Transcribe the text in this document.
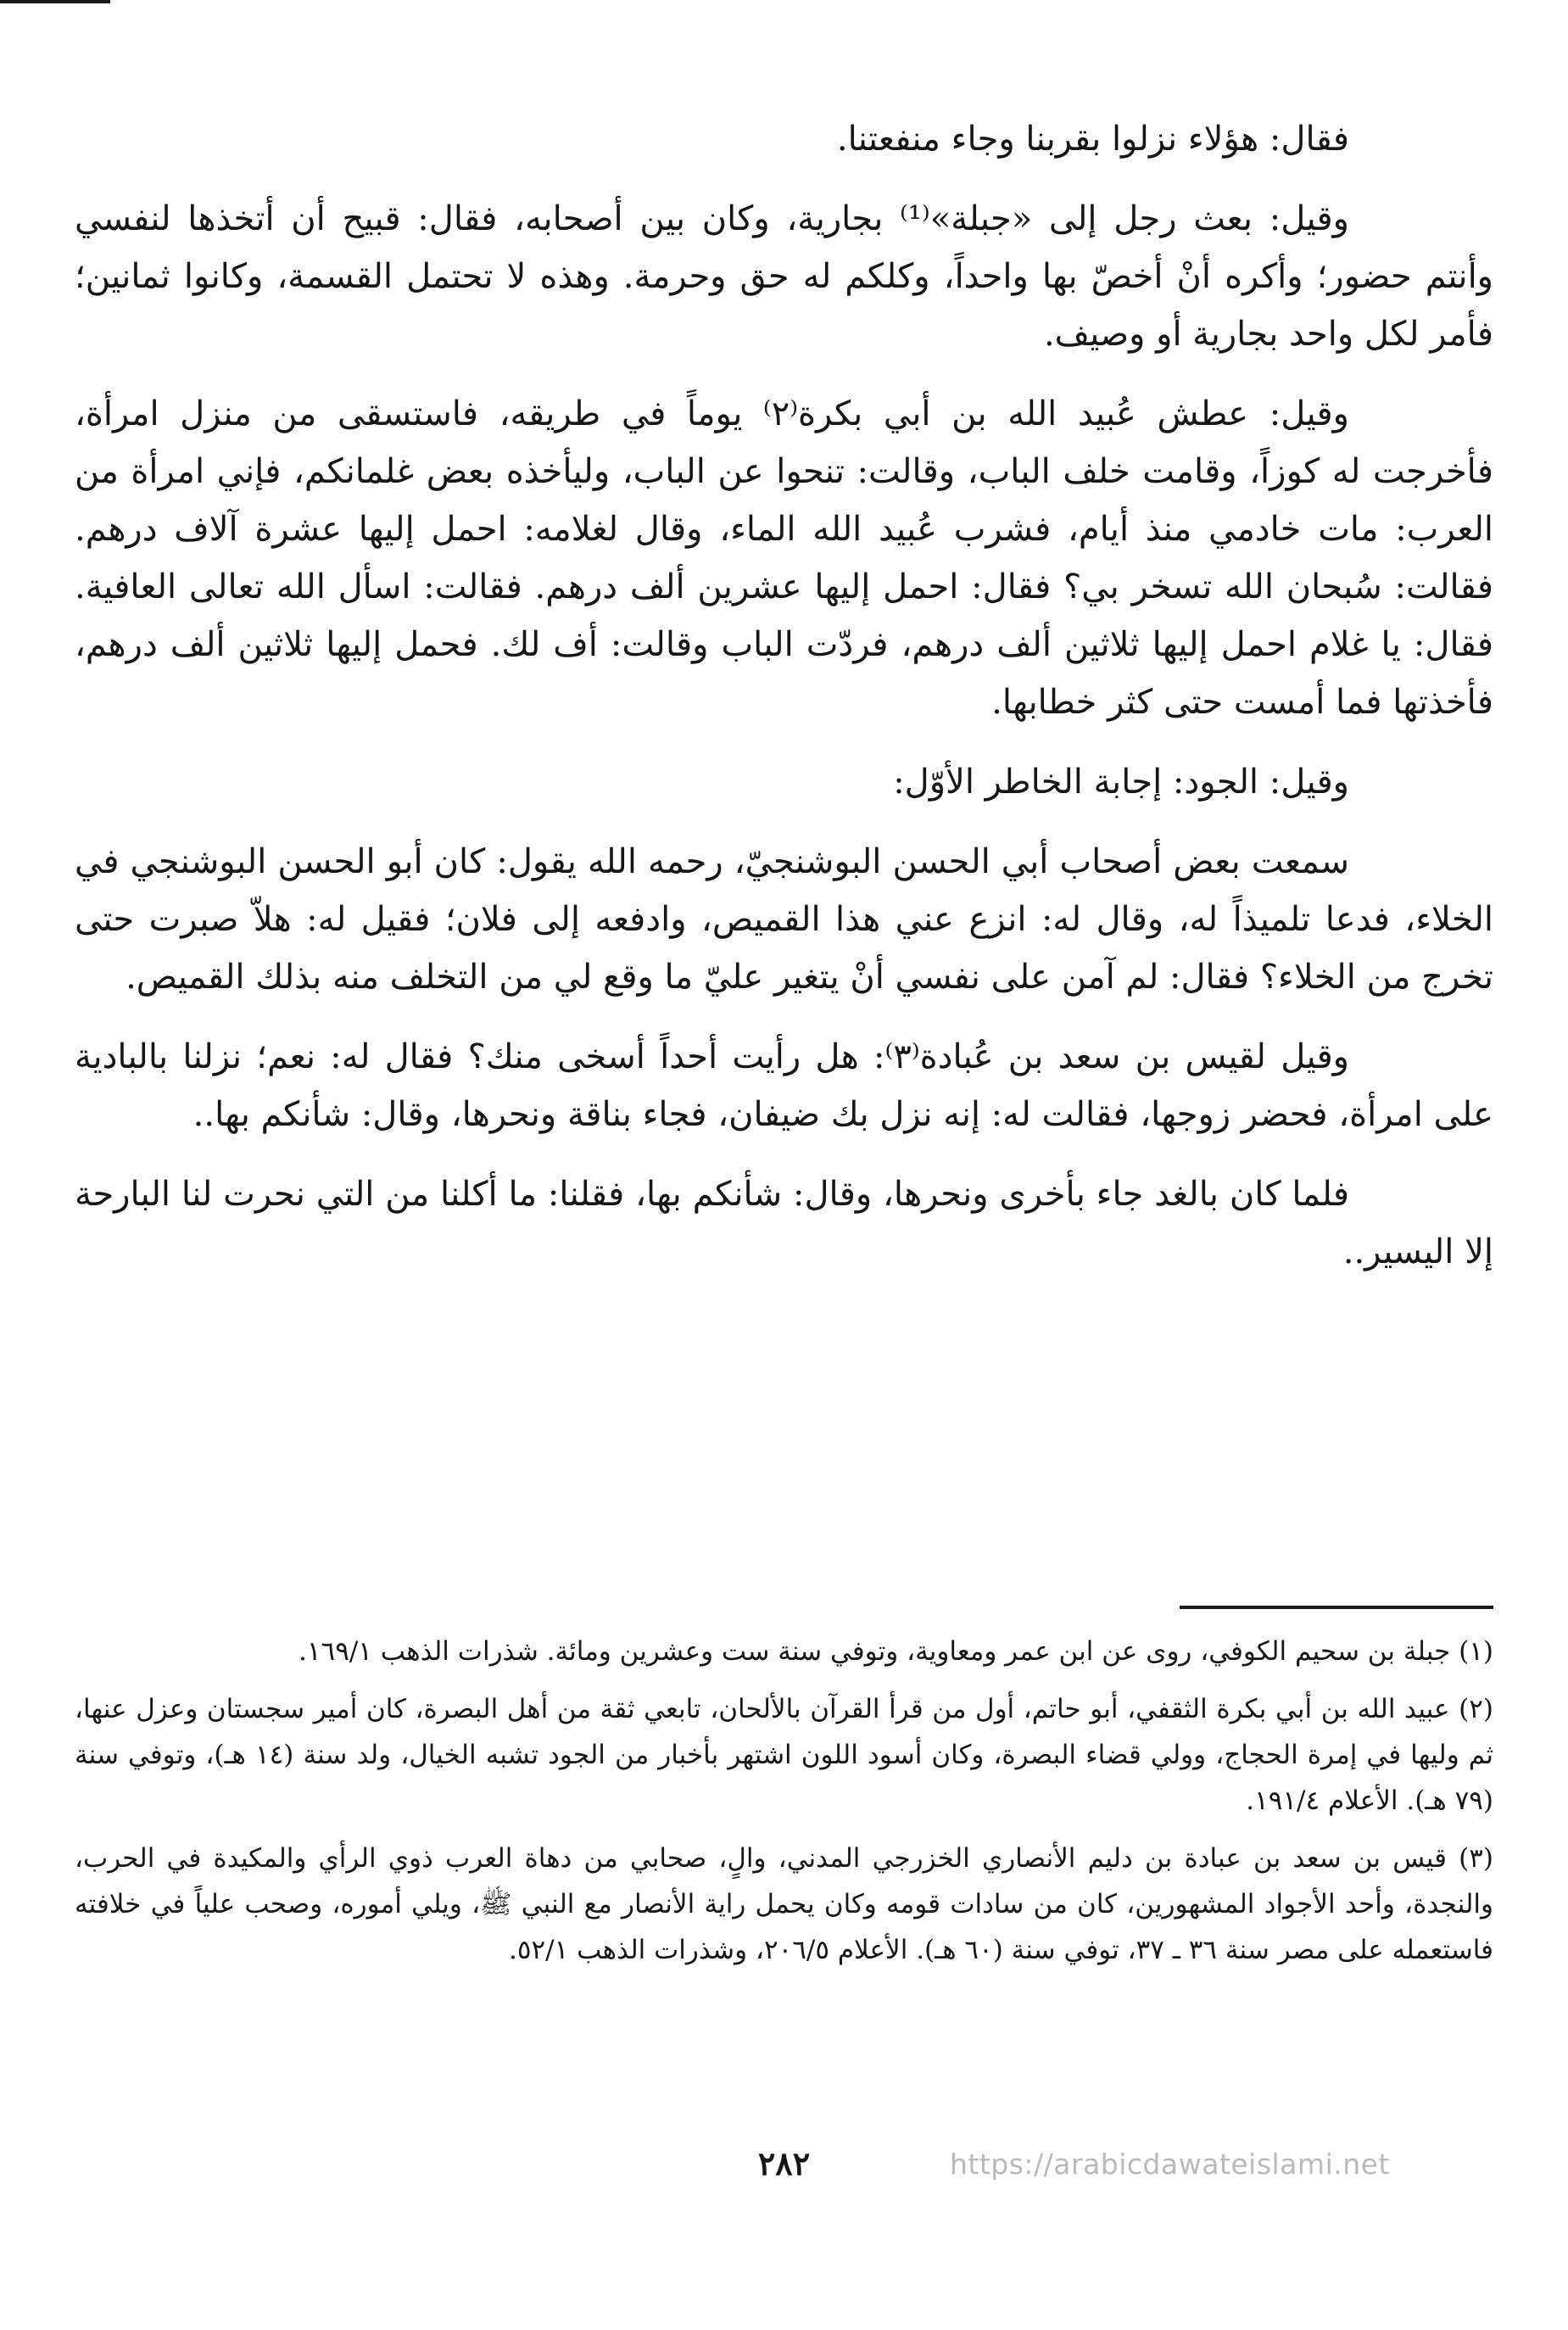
فقال: هؤلاء نزلوا بقربنا وجاء منفعتنا.

وقيل: بعث رجل إلى «جبلة»⁽¹⁾ بجارية، وكان بين أصحابه، فقال: قبيح أن أتخذها لنفسي وأنتم حضور؛ وأكره أنْ أخصّ بها واحداً، وكلكم له حق وحرمة. وهذه لا تحتمل القسمة، وكانوا ثمانين؛ فأمر لكل واحد بجارية أو وصيف.

وقيل: عطش عُبيد الله بن أبي بكرة⁽٢⁾ يوماً في طريقه، فاستسقى من منزل امرأة، فأخرجت له كوزاً، وقامت خلف الباب، وقالت: تنحوا عن الباب، وليأخذه بعض غلمانكم، فإني امرأة من العرب: مات خادمي منذ أيام، فشرب عُبيد الله الماء، وقال لغلامه: احمل إليها عشرة آلاف درهم. فقالت: سُبحان الله تسخر بي؟ فقال: احمل إليها عشرين ألف درهم. فقالت: اسأل الله تعالى العافية. فقال: يا غلام احمل إليها ثلاثين ألف درهم، فردّت الباب وقالت: أف لك. فحمل إليها ثلاثين ألف درهم، فأخذتها فما أمست حتى كثر خطابها.

وقيل: الجود: إجابة الخاطر الأوّل:

سمعت بعض أصحاب أبي الحسن البوشنجيّ، رحمه الله يقول: كان أبو الحسن البوشنجي في الخلاء، فدعا تلميذاً له، وقال له: انزع عني هذا القميص، وادفعه إلى فلان؛ فقيل له: هلاّ صبرت حتى تخرج من الخلاء؟ فقال: لم آمن على نفسي أنْ يتغير عليّ ما وقع لي من التخلف منه بذلك القميص.

وقيل لقيس بن سعد بن عُبادة⁽٣⁾: هل رأيت أحداً أسخى منك؟ فقال له: نعم؛ نزلنا بالبادية على امرأة، فحضر زوجها، فقالت له: إنه نزل بك ضيفان، فجاء بناقة ونحرها، وقال: شأنكم بها..

فلما كان بالغد جاء بأخرى ونحرها، وقال: شأنكم بها، فقلنا: ما أكلنا من التي نحرت لنا البارحة إلا اليسير..

(١) جبلة بن سحيم الكوفي، روى عن ابن عمر ومعاوية، وتوفي سنة ست وعشرين ومائة. شذرات الذهب ١٦٩/١.

(٢) عبيد الله بن أبي بكرة الثقفي، أبو حاتم، أول من قرأ القرآن بالألحان، تابعي ثقة من أهل البصرة، كان أمير سجستان وعزل عنها، ثم وليها في إمرة الحجاج، وولي قضاء البصرة، وكان أسود اللون اشتهر بأخبار من الجود تشبه الخيال، ولد سنة (١٤ هـ)، وتوفي سنة (٧٩ هـ). الأعلام ١٩١/٤.

(٣) قيس بن سعد بن عبادة بن دليم الأنصاري الخزرجي المدني، والٍ، صحابي من دهاة العرب ذوي الرأي والمكيدة في الحرب، والنجدة، وأحد الأجواد المشهورين، كان من سادات قومه وكان يحمل راية الأنصار مع النبي ﷺ، ويلي أموره، وصحب علياً في خلافته فاستعمله على مصر سنة ٣٦ ـ ٣٧، توفي سنة (٦٠ هـ). الأعلام ٢٠٦/٥، وشذرات الذهب ٥٢/١.

٢٨٢	https://arabicdawateislami.net
